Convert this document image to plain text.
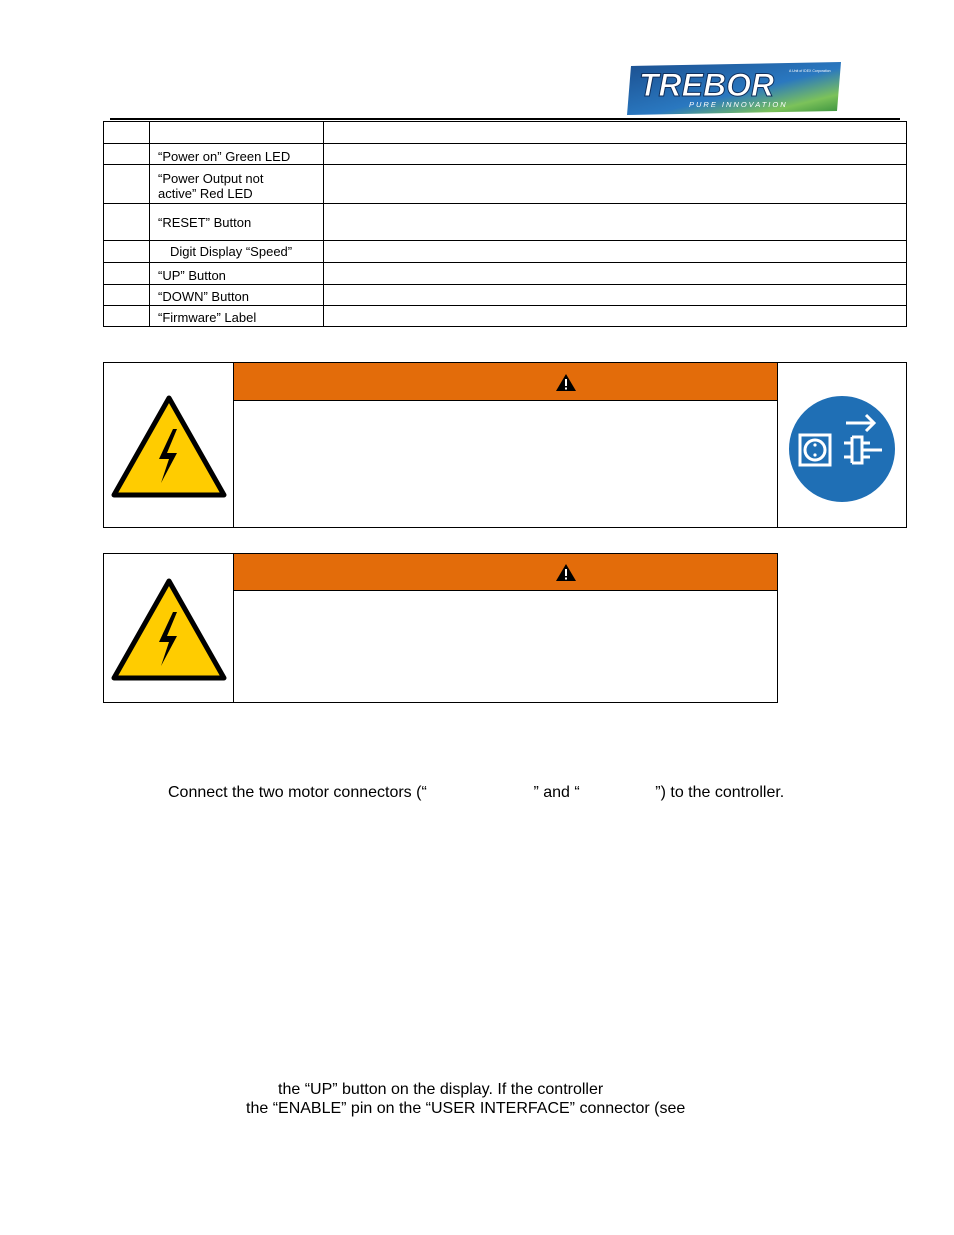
TREBOR
PURE INNOVATION
A Unit of IDEX Corporation

	“Power on” Green LED	
	“Power Output not active” Red LED	
	“RESET” Button	
	Digit Display “Speed”	
	“UP” Button	
	“DOWN” Button	
	“Firmware” Label	
Connect the two motor connectors (“                        ” and “                 ”) to the controller.
the “UP” button on the display. If the controller
the “ENABLE” pin on the “USER INTERFACE” connector (see
